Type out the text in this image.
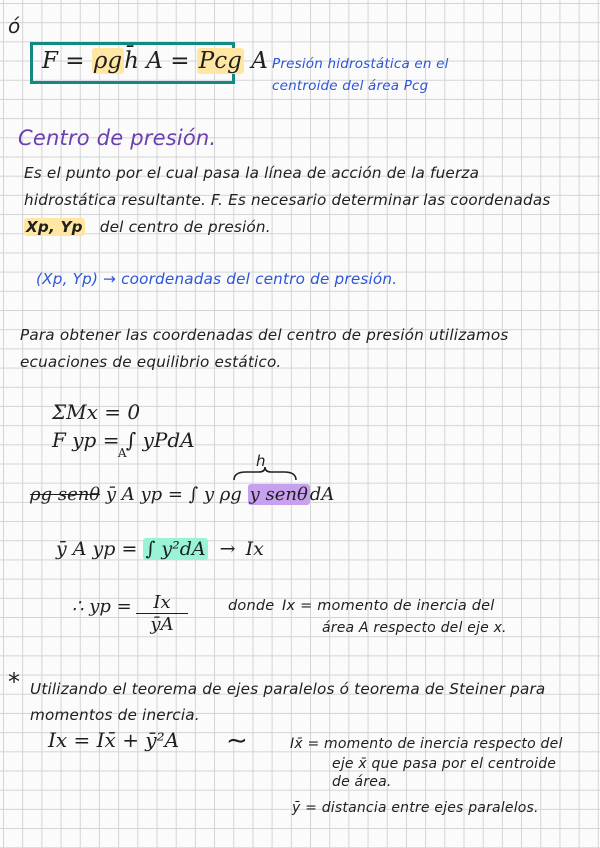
ó
F = ρgh̄ A = Pcg A Presión hidrostática en el
centroide del área Pcg
Centro de presión.
Es el punto por el cual pasa la línea de acción de la fuerza
hidrostática resultante. F. Es necesario determinar las coordenadas
Xp, Yp del centro de presión.
(Xp, Yp) → coordenadas del centro de presión.
Para obtener las coordenadas del centro de presión utilizamos
ecuaciones de equilibrio estático.
ΣMx = 0
F yp =
A
∫ yPdA
h
ρg senθ ȳ A yp = ∫ y ρg y senθ dA
ȳ A yp = ∫ y²dA → Ix
∴ yp =	Ix
ȳA
donde Ix = momento de inercia del
área A respecto del eje x.
* Utilizando el teorema de ejes paralelos ó teorema de Steiner para
momentos de inercia.
Ix = Ix̄ + ȳ²A ∼	Ix̄ = momento de inercia respecto del
eje x̄ que pasa por el centroide
de área.
ȳ = distancia entre ejes paralelos.
